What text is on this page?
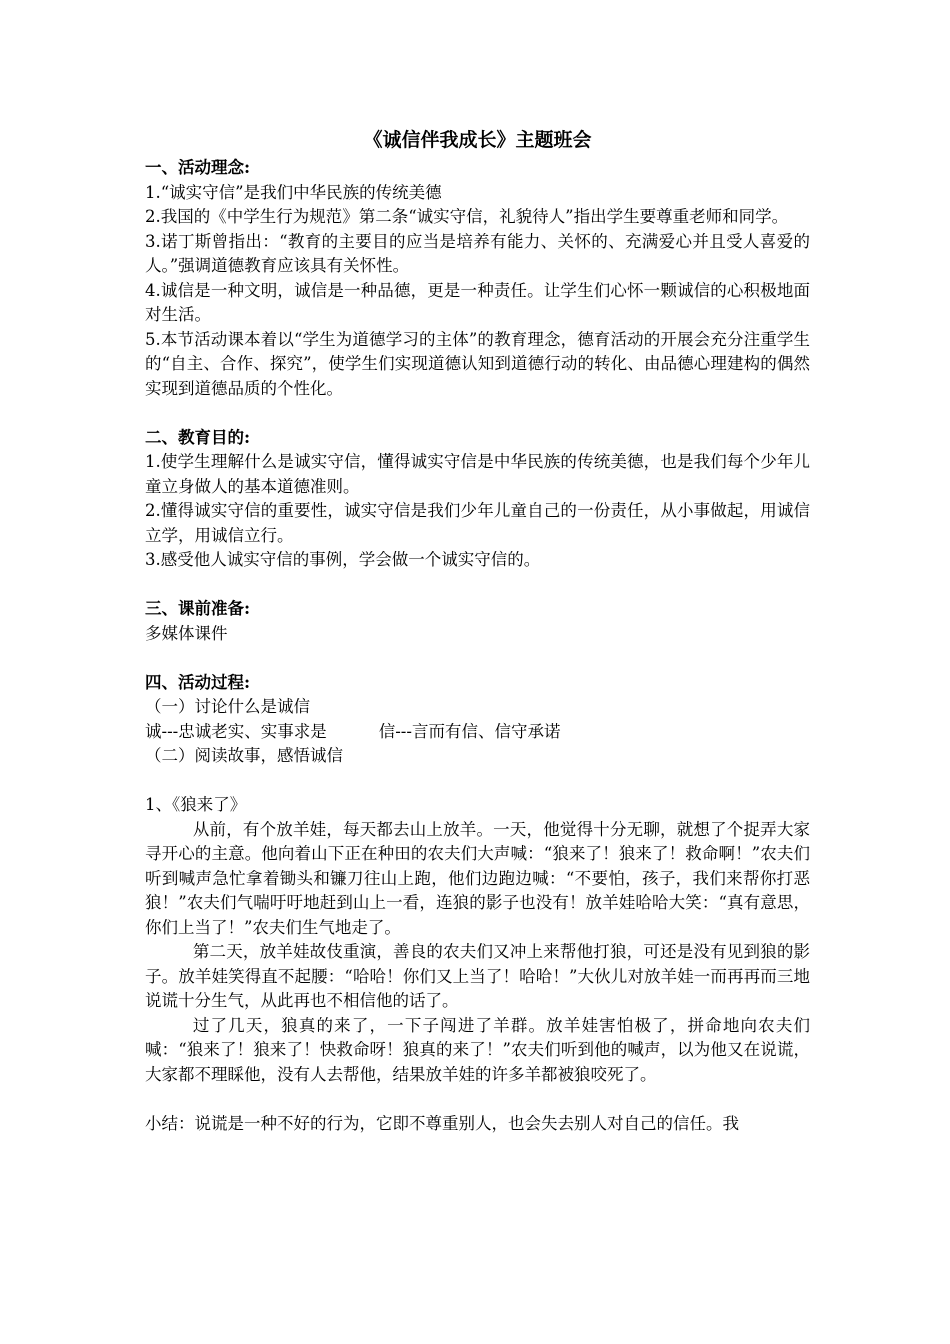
《诚信伴我成长》主题班会
一、活动理念:
1.“诚实守信”是我们中华民族的传统美德
2.我国的《中学生行为规范》第二条“诚实守信，礼貌待人”指出学生要尊重老师和同学。
3.诺丁斯曾指出：“教育的主要目的应当是培养有能力、关怀的、充满爱心并且受人喜爱的人。”强调道德教育应该具有关怀性。
4.诚信是一种文明，诚信是一种品德，更是一种责任。让学生们心怀一颗诚信的心积极地面对生活。
5.本节活动课本着以“学生为道德学习的主体”的教育理念，德育活动的开展会充分注重学生的“自主、合作、探究”，使学生们实现道德认知到道德行动的转化、由品德心理建构的偶然实现到道德品质的个性化。
二、教育目的:
1.使学生理解什么是诚实守信，懂得诚实守信是中华民族的传统美德，也是我们每个少年儿童立身做人的基本道德准则。
2.懂得诚实守信的重要性，诚实守信是我们少年儿童自己的一份责任，从小事做起，用诚信立学，用诚信立行。
3.感受他人诚实守信的事例，学会做一个诚实守信的。
三、课前准备:
多媒体课件
四、活动过程:
（一）讨论什么是诚信
诚---忠诚老实、实事求是	信---言而有信、信守承诺
（二）阅读故事，感悟诚信
1、《狼来了》
从前，有个放羊娃，每天都去山上放羊。一天，他觉得十分无聊，就想了个捉弄大家寻开心的主意。他向着山下正在种田的农夫们大声喊：“狼来了！狼来了！救命啊！”农夫们听到喊声急忙拿着锄头和镰刀往山上跑，他们边跑边喊：“不要怕，孩子，我们来帮你打恶狼！”农夫们气喘吁吁地赶到山上一看，连狼的影子也没有！放羊娃哈哈大笑：“真有意思，你们上当了！”农夫们生气地走了。
第二天，放羊娃故伎重演，善良的农夫们又冲上来帮他打狼，可还是没有见到狼的影子。放羊娃笑得直不起腰：“哈哈！你们又上当了！哈哈！”大伙儿对放羊娃一而再再而三地说谎十分生气，从此再也不相信他的话了。
过了几天，狼真的来了，一下子闯进了羊群。放羊娃害怕极了，拼命地向农夫们喊：“狼来了！狼来了！快救命呀！狼真的来了！”农夫们听到他的喊声，以为他又在说谎，大家都不理睬他，没有人去帮他，结果放羊娃的许多羊都被狼咬死了。
小结：说谎是一种不好的行为，它即不尊重别人，也会失去别人对自己的信任。我
